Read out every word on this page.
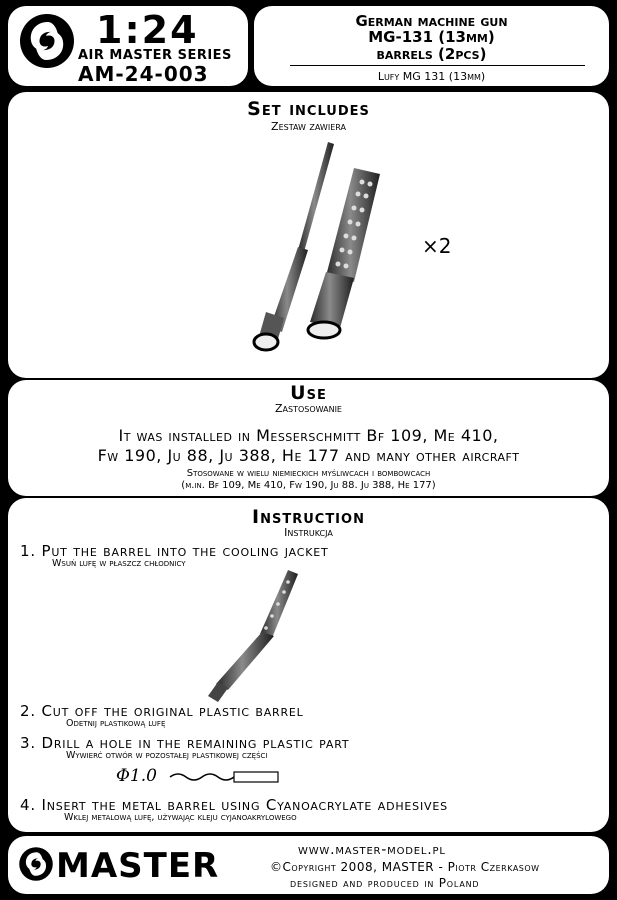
1:24
AIR MASTER SERIES
AM-24-003
German machine gun
MG-131 (13mm)
barrels (2pcs)
Lufy MG 131 (13mm)
Set includes
Zestaw zawiera
×2
Use
Zastosowanie
It was installed in Messerschmitt Bf 109, Me 410,
Fw 190, Ju 88, Ju 388, He 177 and many other aircraft
Stosowane w wielu niemieckich myśliwcach i bombowcach
(m.in. Bf 109, Me 410, Fw 190, Ju 88. Ju 388, He 177)
Instruction
Instrukcja
1. Put the barrel into the cooling jacket
Wsuń lufę w płaszcz chłodnicy
2. Cut off the original plastic barrel
Odetnij plastikową lufę
3. Drill a hole in the remaining plastic part
Wywierć otwór w pozostałej plastikowej części
Φ1.0
4. Insert the metal barrel using Cyanoacrylate adhesives
Wklej metalową lufę, używając kleju cyjanoakrylowego
MASTER	www.master-model.pl
©Copyright 2008, MASTER - Piotr Czerkasow
designed and produced in Poland
